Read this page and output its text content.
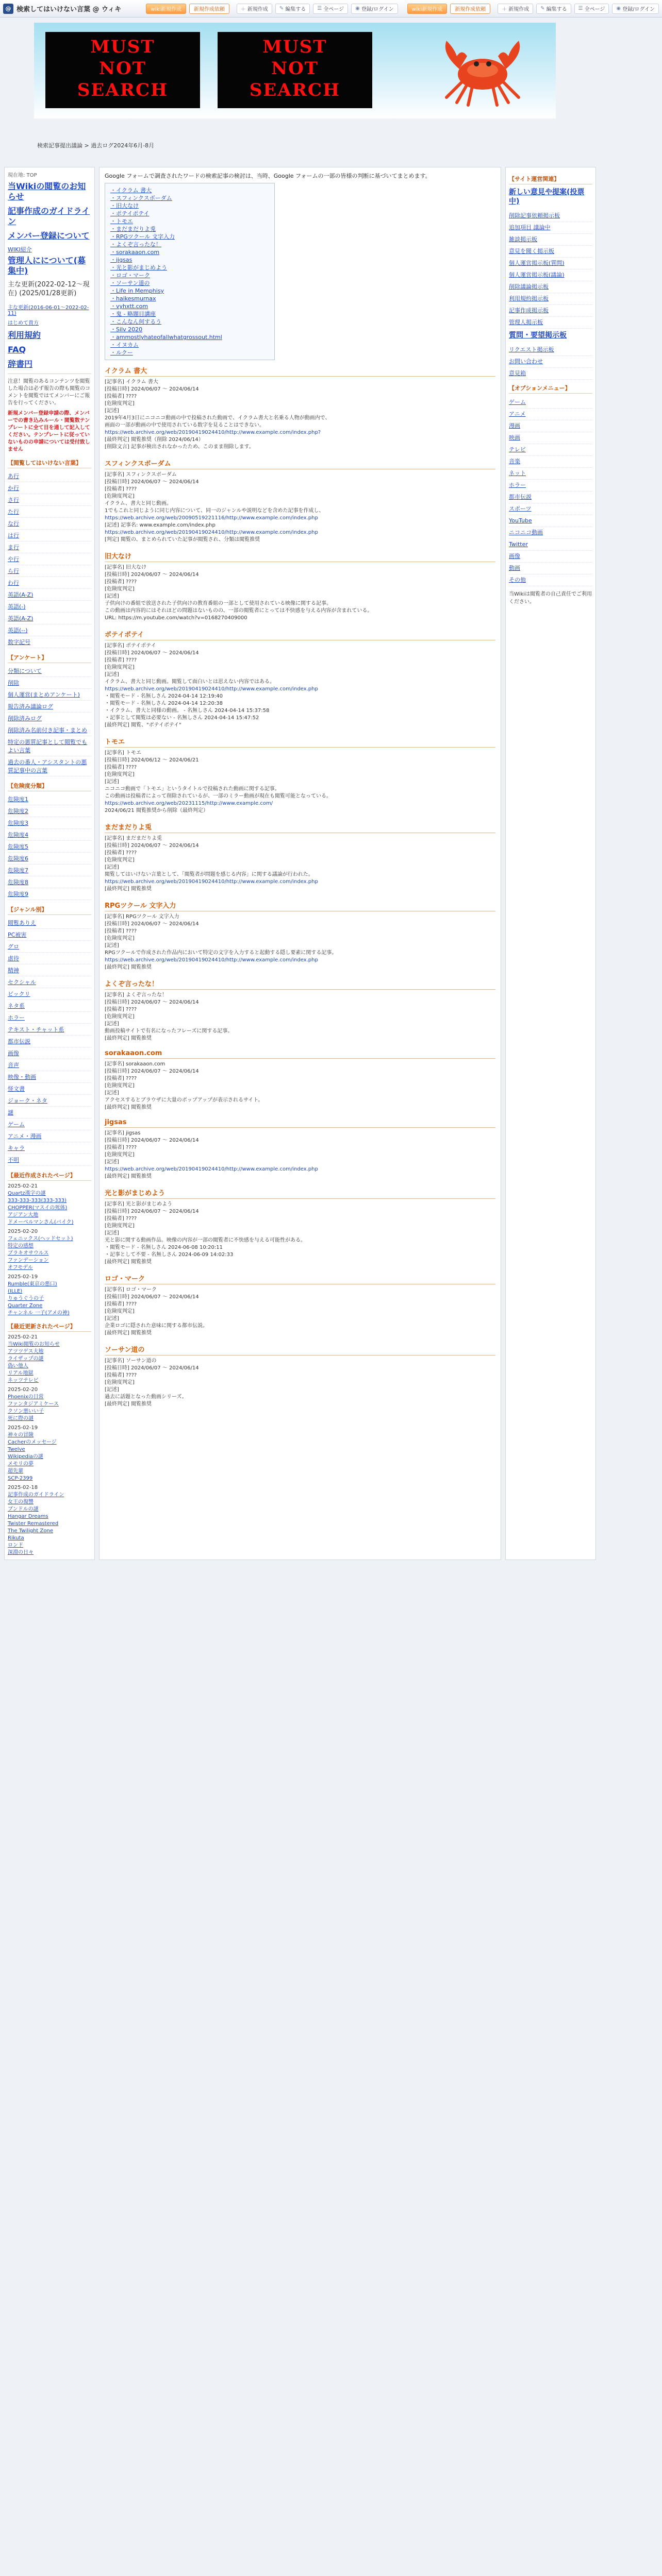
@ 検索してはいけない言葉 @ ウィキ	wiki新規作成	新規作成依頼	＋ 新規作成 ✎ 編集する ☰ 全ページ ◉ 登録/ログイン	wiki新規作成	新規作成依頼	＋ 新規作成 ✎ 編集する ☰ 全ページ ◉ 登録/ログイン
MUST
NOT
SEARCH
MUST
NOT
SEARCH
検索記事提出議論 > 過去ログ2024年6月-8月
現在地: TOP
当Wikiの閲覧のお知らせ
記事作成のガイドライン
メンバー登録について
WIKI紹介
管理人にについて(募集中)
主な更新(2022-02-12～現在) (2025/01/28更新)
主な更新(2016-06-01～2022-02-11)
はじめて貴方
利用規約
FAQ
辞書円
注意！閲覧のあるコンテンツを閲覧した場合は必ず報告の際も閲覧のコメントを閲覧ではてメンバーにご報告を行ってください。
新規メンバー登録申請の際、メンバーでの書き込みルール・閲覧数テンプレートに全て目を通して記入してください。テンプレートに従っていないものの申請については受付致しません
【閲覧してはいけない言葉】
あ行
か行
さ行
た行
な行
は行
ま行
や行
ら行
わ行
英語(A-Z)
英語(-)
英語(A-Z)
英語(--)
数字記号
【アンケート】
分類について
削除
個人運営(まとめアンケート)
報告済み議論ログ
削除済みログ
削除済み名前付き記事・まとめ
特定の悪質記事として閲覧でもよい言葉
過去の番人・アシスタントの悪質記事中の言葉
【危険度分類】
危険度1
危険度2
危険度3
危険度4
危険度5
危険度6
危険度7
危険度8
危険度9
【ジャンル別】
閲覧ありえ
PC被害
グロ
虐待
精神
セクシャル
ビックリ
ネタ系
ホラー
テキスト・チャット系
都市伝説
画像
音声
映像・動画
怪文書
ジョーク・ネタ
謎
ゲーム
アニメ・漫画
キャラ
不明
【最近作成されたページ】
2025-02-21
Quartz漢字の謎
333-333-333(333-333)
CHOPPER(マスイの死体)
アジアン大地
ドメーベルマンさん(バイク)
2025-02-20
フェニックス(ヘッドセット)
特定の感想
ブラキオサウルス
ファンデーション
オフモデル
2025-02-19
Rumble(東京の悪口)
(ILLE)
りゅうぐうの子
Quarter Zone
チャンネル 一子(アメの神)
【最近更新されたページ】
2025-02-21
当Wiki閲覧のお知らせ
アツツゲス大地
ライザップの謎
偽い他人
リアル地獄
ネッツテレビ
2025-02-20
Phoenixの日常
ファンタジアミケース
クソン悪いい子
死に際の謎
2025-02-19
神々の冒険
Cacherのメッセージ
Twelve
Wikipediaの謎
メモリの夢
超先輩
SCP-2399
2025-02-18
記事作成のガイドライン
女王の復讐
ブンドルの謎
Hangar Dreams
Twister Remastered
The Twilight Zone
Rikuta
ロンド
深淵の日々
Google フォームで調査されたワードの検索記事の検討は、当時、Google フォームの一部の皆様の判断に基づいてまとめます。
・ イクラム 書大
・ スフィンクスボーダム
・ 旧大なけ
・ ポテイポテイ
・ トモエ
・ まだまだりよ兎
・ RPGツクール 文字入力
・ よくぞ言ったな！
・ sorakaaon.com
・ jigsas
・ 光と影がまじめよう
・ ロゴ・マーク
・ ソーサン道の
・ Life in Memphisy
・ haikesmurnax
・ vyhxtt.com
・ 鬼 - 略題目講座
・ こんなん何するう
・ Silv 2020
・ ammostlyhateofallwhatgrossout.html
・ イヌカム
・ ルクー
イクラム 書大
[記事名] イクラム 書大
[投稿日時] 2024/06/07 ～ 2024/06/14
[投稿者] ????
[危険度判定]
[記述]
2019年4月3日にニコニコ動画の中で投稿された動画で、イクラム書大と名乗る人物が動画内で、
画面の一部が動画の中で使用されている数字を見ることはできない。
https://web.archive.org/web/20190419024410/http://www.example.com/index.php?
[最終判定] 閲覧推奨（削除 2024/06/14）
[削除文言] 記事が検出されなかったため、このまま削除します。
スフィンクスボーダム
[記事名] スフィンクスボーダム
[投稿日時] 2024/06/07 ～ 2024/06/14
[投稿者] ????
[危険度判定]
イクラム、書大と同じ動画。
1でもこれと同じように同じ内容について、同一のジャンルや説明などを含めた記事を作成し、
https://web.archive.org/web/20090519221116/http://www.example.com/index.php
[記述] 記事名: www.example.com/index.php
https://web.archive.org/web/20190419024410/http://www.example.com/index.php
[判定] 閲覧の、まとめられていた記事が閲覧され、分類は閲覧推奨
旧大なけ
[記事名] 旧大なけ
[投稿日時] 2024/06/07 ～ 2024/06/14
[投稿者] ????
[危険度判定]
[記述]
子供向けの番組で放送された子供向けの教育番組の一部として使用されている映像に関する記事。
この動画は内容的にはそれほどの問題はないものの、一部の閲覧者にとっては不快感を与える内容が含まれている。
URL: https://m.youtube.com/watch?v=0168270409000
ポテイポテイ
[記事名] ポテイポテイ
[投稿日時] 2024/06/07 ～ 2024/06/14
[投稿者] ????
[危険度判定]
[記述]
イクラム、書大と同じ動画。閲覧して面白いとは思えない内容ではある。
https://web.archive.org/web/20190419024410/http://www.example.com/index.php
・閲覧モード - 名無しさん 2024-04-14 12:19:40
・閲覧モード - 名無しさん 2024-04-14 12:20:38
・イクラム、書大と同様の動画。 - 名無しさん 2024-04-14 15:37:58
・記事として閲覧は必要ない - 名無しさん 2024-04-14 15:47:52
[最終判定] 閲覧、"ポテイポテイ"
トモエ
[記事名] トモエ
[投稿日時] 2024/06/12 ～ 2024/06/21
[投稿者] ????
[危険度判定]
[記述]
ニコニコ動画で「トモエ」というタイトルで投稿された動画に関する記事。
この動画は投稿者によって削除されているが、一部のミラー動画が現在も閲覧可能となっている。
https://web.archive.org/web/20231115/http://www.example.com/
2024/06/21 閲覧推奨から削除（最終判定）
まだまだりよ兎
[記事名] まだまだりよ兎
[投稿日時] 2024/06/07 ～ 2024/06/14
[投稿者] ????
[危険度判定]
[記述]
閲覧してはいけない言葉として、「閲覧者が問題を感じる内容」に関する議論が行われた。
https://web.archive.org/web/20190419024410/http://www.example.com/index.php
[最終判定] 閲覧推奨
RPGツクール 文字入力
[記事名] RPGツクール 文字入力
[投稿日時] 2024/06/07 ～ 2024/06/14
[投稿者] ????
[危険度判定]
[記述]
RPGツクールで作成された作品内において特定の文字を入力すると起動する隠し要素に関する記事。
https://web.archive.org/web/20190419024410/http://www.example.com/index.php
[最終判定] 閲覧推奨
よくぞ言ったな！
[記事名] よくぞ言ったな！
[投稿日時] 2024/06/07 ～ 2024/06/14
[投稿者] ????
[危険度判定]
[記述]
動画投稿サイトで有名になったフレーズに関する記事。
[最終判定] 閲覧推奨
sorakaaon.com
[記事名] sorakaaon.com
[投稿日時] 2024/06/07 ～ 2024/06/14
[投稿者] ????
[危険度判定]
[記述]
アクセスするとブラウザに大量のポップアップが表示されるサイト。
[最終判定] 閲覧推奨
jigsas
[記事名] jigsas
[投稿日時] 2024/06/07 ～ 2024/06/14
[投稿者] ????
[危険度判定]
[記述]
https://web.archive.org/web/20190419024410/http://www.example.com/index.php
[最終判定] 閲覧推奨
光と影がまじめよう
[記事名] 光と影がまじめよう
[投稿日時] 2024/06/07 ～ 2024/06/14
[投稿者] ????
[危険度判定]
[記述]
光と影に関する動画作品。映像の内容が一部の閲覧者に不快感を与える可能性がある。
・閲覧モード - 名無しさん 2024-06-08 10:20:11
・記事として不要 - 名無しさん 2024-06-09 14:02:33
[最終判定] 閲覧推奨
ロゴ・マーク
[記事名] ロゴ・マーク
[投稿日時] 2024/06/07 ～ 2024/06/14
[投稿者] ????
[危険度判定]
[記述]
企業ロゴに隠された意味に関する都市伝説。
[最終判定] 閲覧推奨
ソーサン道の
[記事名] ソーサン道の
[投稿日時] 2024/06/07 ～ 2024/06/14
[投稿者] ????
[危険度判定]
[記述]
過去に話題となった動画シリーズ。
[最終判定] 閲覧推奨
【サイト運営関連】
新しい意見や提案(投票中)
削除記事依頼掲示板
追加項目 議論中
雑談掲示板
意見を聞く掲示板
個人運営掲示板(質問)
個人運営掲示板(議論)
削除議論掲示板
利用規約掲示板
記事作成掲示板
管理人掲示板
質問・要望掲示板
リクエスト掲示板
お問い合わせ
意見箱
【オプションメニュー】
ゲーム
アニメ
漫画
映画
テレビ
音楽
ネット
ホラー
都市伝説
スポーツ
YouTube
ニコニコ動画
Twitter
画像
動画
その他
当Wikiは閲覧者の自己責任でご利用ください。
